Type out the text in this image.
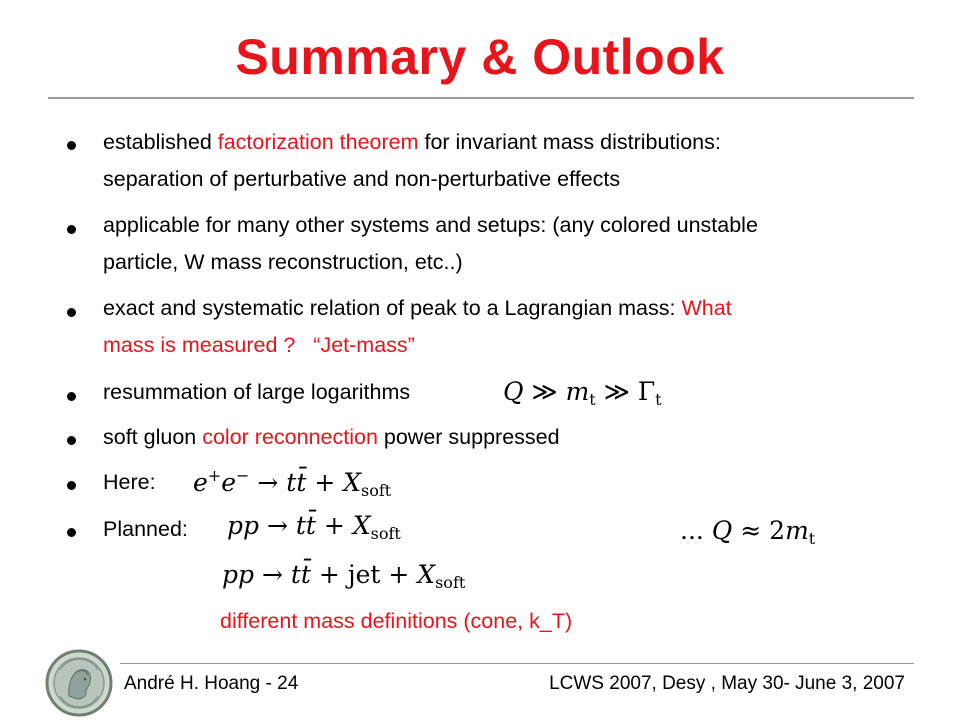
Summary & Outlook
established factorization theorem for invariant mass distributions:
separation of perturbative and non-perturbative effects
applicable for many other systems and setups: (any colored unstable
particle, W mass reconstruction, etc..)
exact and systematic relation of peak to a Lagrangian mass: What
mass is measured ?   “Jet-mass”
resummation of large logarithms	Q ≫ $m_t$ ≫ $\Gamma_t$
soft gluon color reconnection power suppressed
Here:	e+e− → tt̄ + $X_{soft}$
Planned:	pp → tt̄ + $X_{soft}$	... $Q \approx 2m_t$
pp → tt̄ + jet + $X_{soft}$
different mass definitions (cone, k_T)
André H. Hoang - 24	LCWS 2007, Desy , May 30- June 3, 2007
